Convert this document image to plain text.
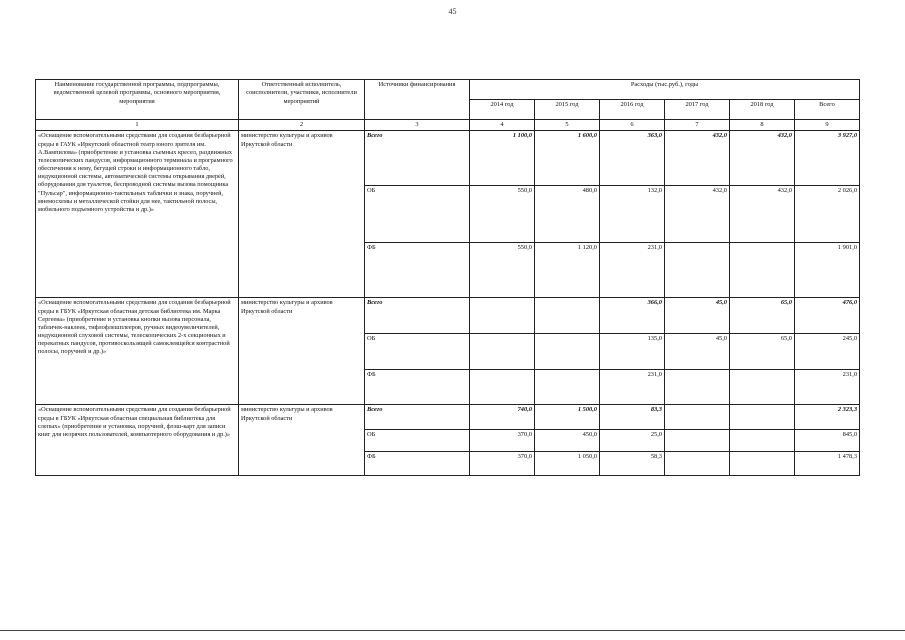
45
Наименование государственной программы, подпрограммы, ведомственной целевой программы, основного мероприятия, мероприятия	Ответственный исполнитель, соисполнители, участники, исполнители мероприятий	Источники финансирования	Расходы (тыс.руб.), годы					
			2014 год	2015 год	2016 год	2017 год	2018 год	Всего
1	2	3	4	5	6	7	8	9
«Оснащение вспомогательными средствами для создания безбарьерной среды в ГАУК «Иркутский областной театр юного зрителя им. А.Вампилова» (приобретение и установка съемных кресел, раздвижных телескопических пандусов, информационного терминала и програмного обеспечения к нему, бегущей строки и информационного табло, индукционной системы, автоматической системы открывания дверей, оборудования для туалетов, беспроводной системы вызова помощника "Пульсар", информационно-тактильных таблички и знака, поручней, мнемосхемы и металлической стойки для нее, тактильной полосы, мобильного подъемного устройства и др.)»	министерство культуры и архивов Иркутской области	Всего	1 100,0	1 600,0	363,0	432,0	432,0	3 927,0
		ОБ	550,0	480,0	132,0	432,0	432,0	2 026,0
		ФБ	550,0	1 120,0	231,0			1 901,0
«Оснащение вспомогательными средствами для создания безбарьерной среды в ГБУК «Иркутская областная детская библиотека им. Марка Сергеева» (приобретение и установка кнопки вызова персонала, табличек-наклеек, тифлофлешплееров, ручных видеоувеличителей, индукционной слуховой системы, телескопических 2-х секционных и перекатных пандусов, противоскользящей самоклеящейся контрастной полосы, поручней и др.)»	министерство культуры и архивов Иркутской области	Всего			366,0	45,0	65,0	476,0
		ОБ			135,0	45,0	65,0	245,0
		ФБ			231,0			231,0
«Оснащение вспомогательными средствами для создания безбарьерной среды в ГБУК «Иркутская областная специальная библиотека для слепых» (приобретение и установка, поручней, флэш-карт для записи книг для незрячих пользователей, компьютерного оборудования и др.)»	министерство культуры и архивов Иркутской области	Всего	740,0	1 500,0	83,3			2 323,3
		ОБ	370,0	450,0	25,0			845,0
		ФБ	370,0	1 050,0	58,3			1 478,3
